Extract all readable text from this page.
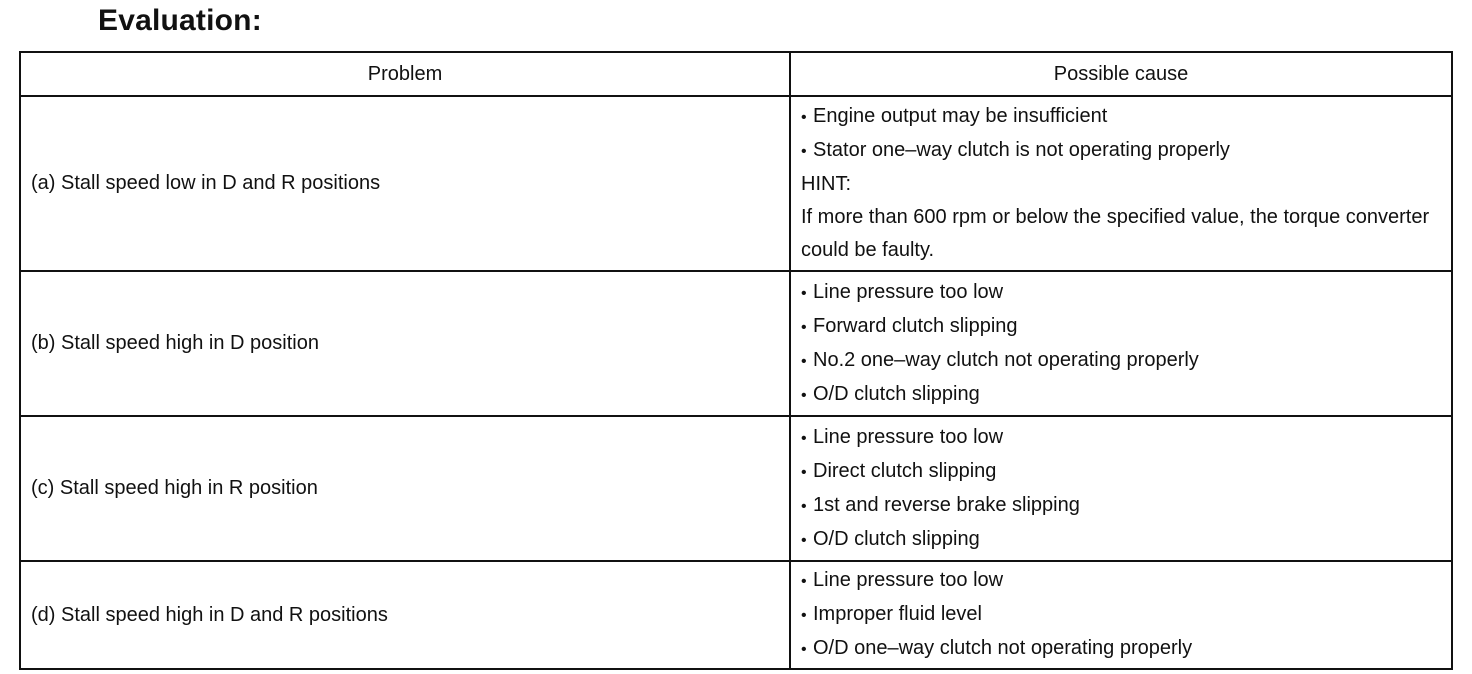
Evaluation:
Problem	Possible cause
(a) Stall speed low in D and R positions	• Engine output may be insufficient
• Stator one–way clutch is not operating properly
HINT:
If more than 600 rpm or below the specified value, the torque converter could be faulty.

(b) Stall speed high in D position	• Line pressure too low
• Forward clutch slipping
• No.2 one–way clutch not operating properly
• O/D clutch slipping

(c) Stall speed high in R position	• Line pressure too low
• Direct clutch slipping
• 1st and reverse brake slipping
• O/D clutch slipping

(d) Stall speed high in D and R positions	• Line pressure too low
• Improper fluid level
• O/D one–way clutch not operating properly
